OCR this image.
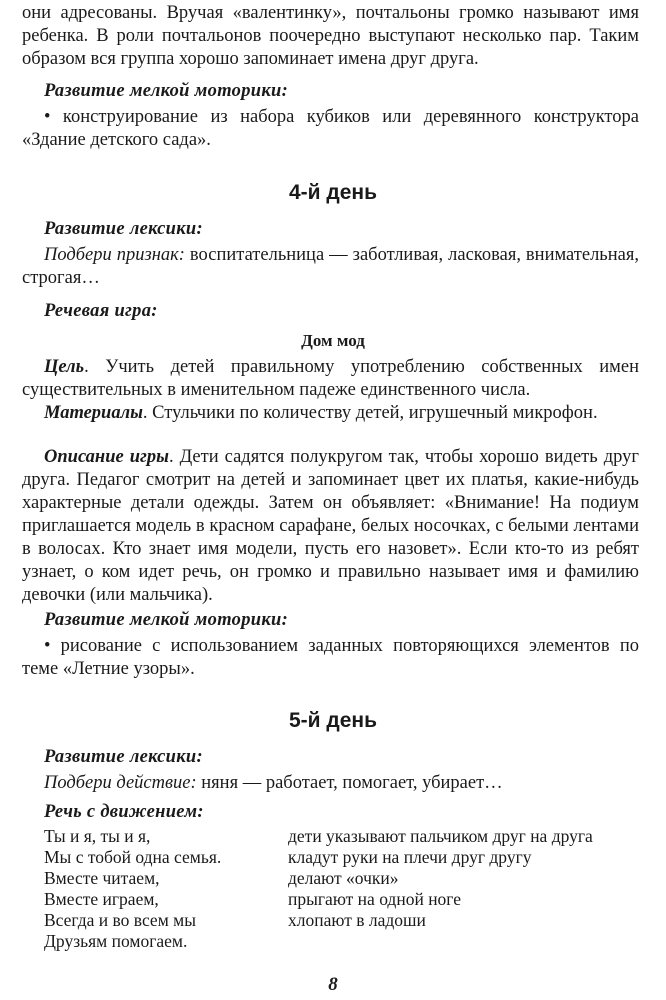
они адресованы. Вручая «валентинку», почтальоны громко называют имя ребенка. В роли почтальонов поочередно выступают несколько пар. Таким образом вся группа хорошо запоминает имена друг друга.
Развитие мелкой моторики:
• конструирование из набора кубиков или деревянного конструктора «Здание детского сада».
4-й день
Развитие лексики:
Подбери признак: воспитательница — заботливая, ласковая, внимательная, строгая…
Речевая игра:
Дом мод
Цель. Учить детей правильному употреблению собственных имен существительных в именительном падеже единственного числа.
Материалы. Стульчики по количеству детей, игрушечный микрофон.
Описание игры. Дети садятся полукругом так, чтобы хорошо видеть друг друга. Педагог смотрит на детей и запоминает цвет их платья, какие-нибудь характерные детали одежды. Затем он объявляет: «Внимание! На подиум приглашается модель в красном сарафане, белых носочках, с белыми лентами в волосах. Кто знает имя модели, пусть его назовет». Если кто-то из ребят узнает, о ком идет речь, он громко и правильно называет имя и фамилию девочки (или мальчика).
Развитие мелкой моторики:
• рисование с использованием заданных повторяющихся элементов по теме «Летние узоры».
5-й день
Развитие лексики:
Подбери действие: няня — работает, помогает, убирает…
Речь с движением:
Ты и я, ты и я,	дети указывают пальчиком друг на друга
Мы с тобой одна семья.	кладут руки на плечи друг другу
Вместе читаем,	делают «очки»
Вместе играем,	прыгают на одной ноге
Всегда и во всем мы	хлопают в ладоши
Друзьям помогаем.
8
